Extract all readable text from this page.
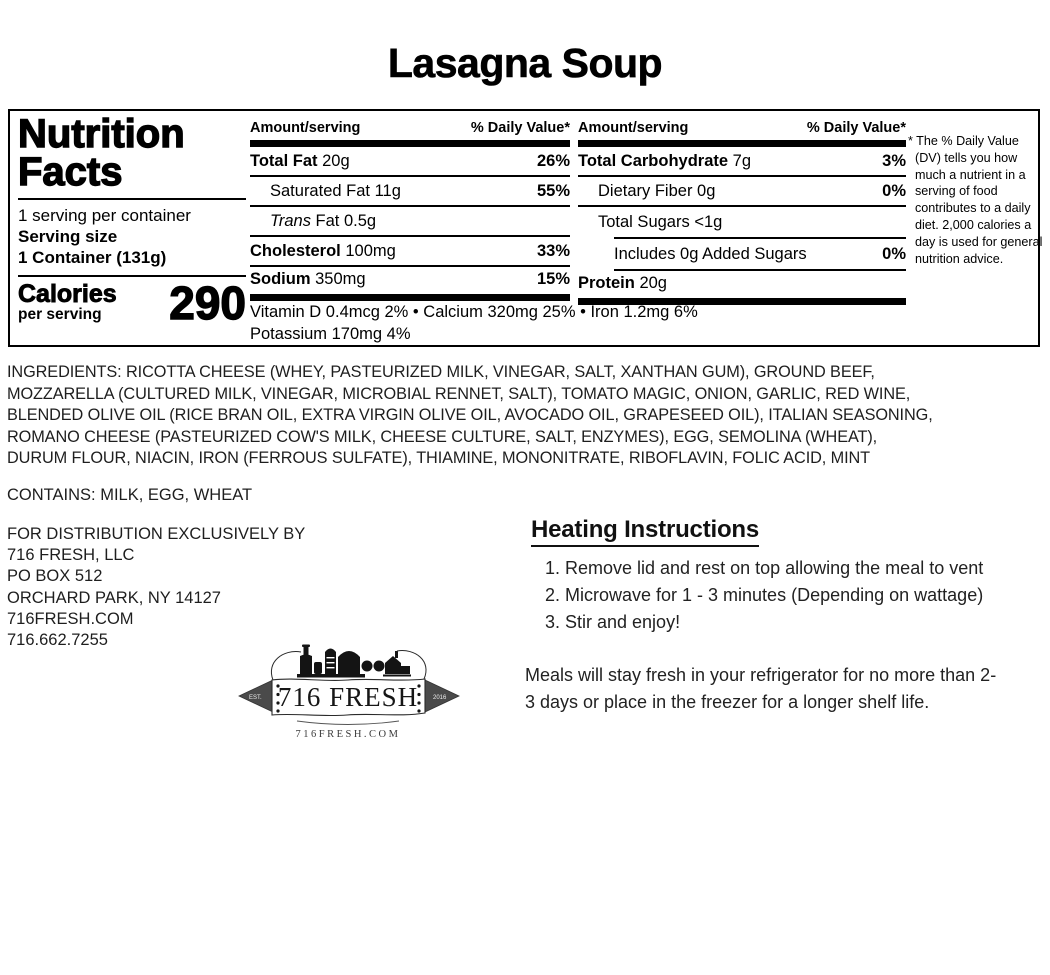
Lasagna Soup
Nutrition
Facts
1 serving per container
Serving size
1 Container (131g)
Calories
per serving	290
Amount/serving	% Daily Value*
Total Fat 20g	26%
Saturated Fat 11g	55%
Trans Fat 0.5g
Cholesterol 100mg	33%
Sodium 350mg	15%
Amount/serving	% Daily Value*
Total Carbohydrate 7g	3%
Dietary Fiber 0g	0%
Total Sugars <1g
Includes 0g Added Sugars	0%
Protein 20g
Vitamin D 0.4mcg 2% • Calcium 320mg 25% • Iron 1.2mg 6%
Potassium 170mg 4%
* The % Daily Value (DV) tells you how much a nutrient in a serving of food contributes to a daily diet. 2,000 calories a day is used for general nutrition advice.
INGREDIENTS: RICOTTA CHEESE (WHEY, PASTEURIZED MILK, VINEGAR, SALT, XANTHAN GUM), GROUND BEEF,
MOZZARELLA (CULTURED MILK, VINEGAR, MICROBIAL RENNET, SALT), TOMATO MAGIC, ONION, GARLIC, RED WINE,
BLENDED OLIVE OIL (RICE BRAN OIL, EXTRA VIRGIN OLIVE OIL, AVOCADO OIL, GRAPESEED OIL), ITALIAN SEASONING,
ROMANO CHEESE (PASTEURIZED COW'S MILK, CHEESE CULTURE, SALT, ENZYMES), EGG, SEMOLINA (WHEAT),
DURUM FLOUR, NIACIN, IRON (FERROUS SULFATE), THIAMINE, MONONITRATE, RIBOFLAVIN, FOLIC ACID, MINT
CONTAINS: MILK, EGG, WHEAT
FOR DISTRIBUTION EXCLUSIVELY BY
716 FRESH, LLC
PO BOX 512
ORCHARD PARK, NY 14127
716FRESH.COM
716.662.7255
EST.	2016
716 FRESH
716FRESH.COM
Heating Instructions
1. Remove lid and rest on top allowing the meal to vent
2. Microwave for 1 - 3 minutes (Depending on wattage)
3. Stir and enjoy!

Meals will stay fresh in your refrigerator for no more than 2-3 days or place in the freezer for a longer shelf life.
